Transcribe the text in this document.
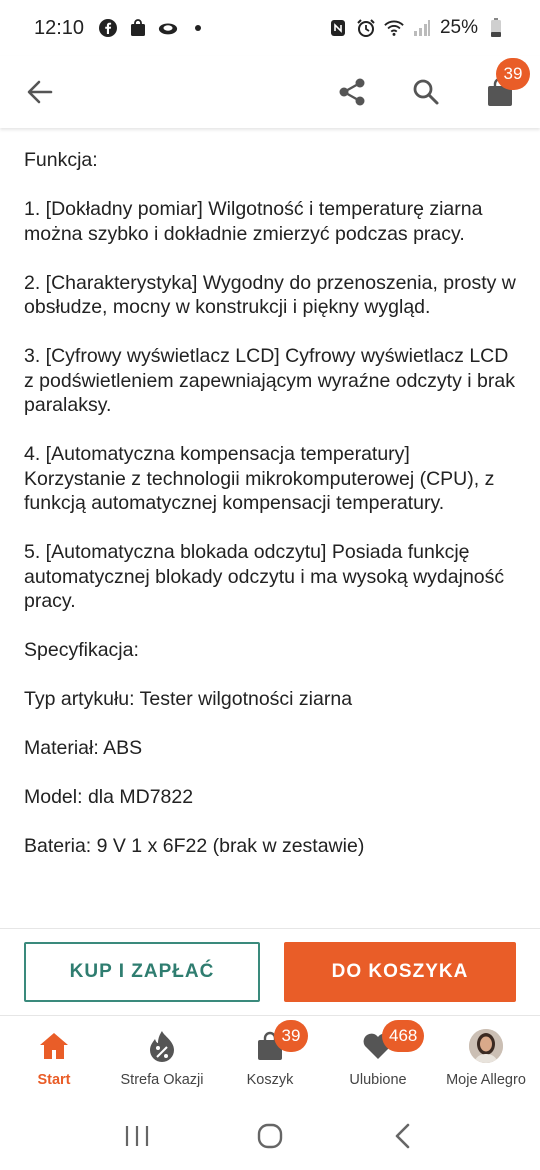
12:10	25%
39

Funkcja:

1. [Dokładny pomiar] Wilgotność i temperaturę ziarna można szybko i dokładnie zmierzyć podczas pracy.

2. [Charakterystyka] Wygodny do przenoszenia, prosty w obsłudze, mocny w konstrukcji i piękny wygląd.

3. [Cyfrowy wyświetlacz LCD] Cyfrowy wyświetlacz LCD z podświetleniem zapewniającym wyraźne odczyty i brak paralaksy.

4. [Automatyczna kompensacja temperatury] Korzystanie z technologii mikrokomputerowej (CPU), z funkcją automatycznej kompensacji temperatury.

5. [Automatyczna blokada odczytu] Posiada funkcję automatycznej blokady odczytu i ma wysoką wydajność pracy.

Specyfikacja:

Typ artykułu: Tester wilgotności ziarna

Materiał: ABS

Model: dla MD7822

Bateria: 9 V 1 x 6F22 (brak w zestawie)

KUP I ZAPŁAĆ	DO KOSZYKA
Start	Strefa Okazji
39
Koszyk
468
Ulubione	Moje Allegro
